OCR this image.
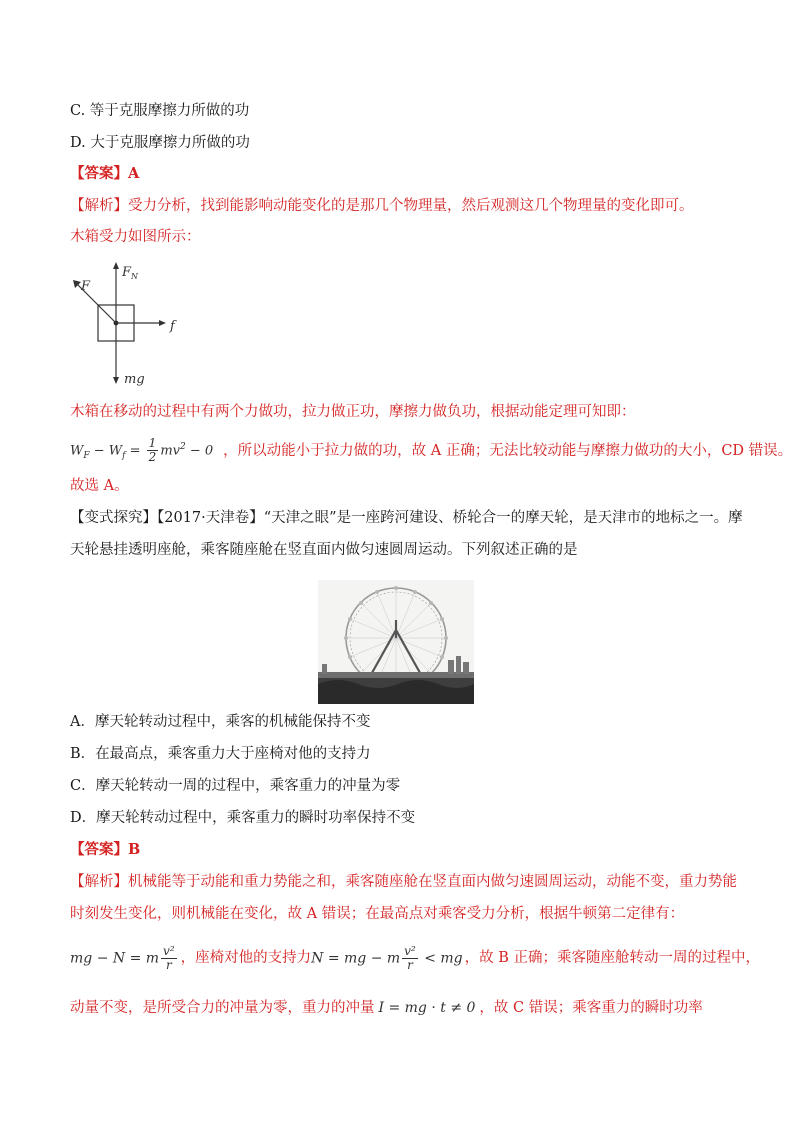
C. 等于克服摩擦力所做的功
D. 大于克服摩擦力所做的功
【答案】A
【解析】受力分析，找到能影响动能变化的是那几个物理量，然后观测这几个物理量的变化即可。
木箱受力如图所示：
F
$F_N$
f
mg
木箱在移动的过程中有两个力做功，拉力做正功，摩擦力做负功，根据动能定理可知即：
$W_F - W_f = \frac{1}{2} mv^2 - 0$ ，所以动能小于拉力做的功，故 A 正确；无法比较动能与摩擦力做功的大小，CD 错误。
故选 A。
【变式探究】【2017·天津卷】“天津之眼”是一座跨河建设、桥轮合一的摩天轮，是天津市的地标之一。摩
天轮悬挂透明座舱，乘客随座舱在竖直面内做匀速圆周运动。下列叙述正确的是
A．摩天轮转动过程中，乘客的机械能保持不变
B．在最高点，乘客重力大于座椅对他的支持力
C．摩天轮转动一周的过程中，乘客重力的冲量为零
D．摩天轮转动过程中，乘客重力的瞬时功率保持不变
【答案】B
【解析】机械能等于动能和重力势能之和，乘客随座舱在竖直面内做匀速圆周运动，动能不变，重力势能
时刻发生变化，则机械能在变化，故 A 错误；在最高点对乘客受力分析，根据牛顿第二定律有：
mg − N = m $\frac{\text{v²}}{r}$ ，座椅对他的支持力 N = mg − m $\frac{\text{v²}}{r}$ < mg ，故 B 正确；乘客随座舱转动一周的过程中，
动量不变，是所受合力的冲量为零，重力的冲量 I = mg · t ≠ 0 ，故 C 错误；乘客重力的瞬时功率
